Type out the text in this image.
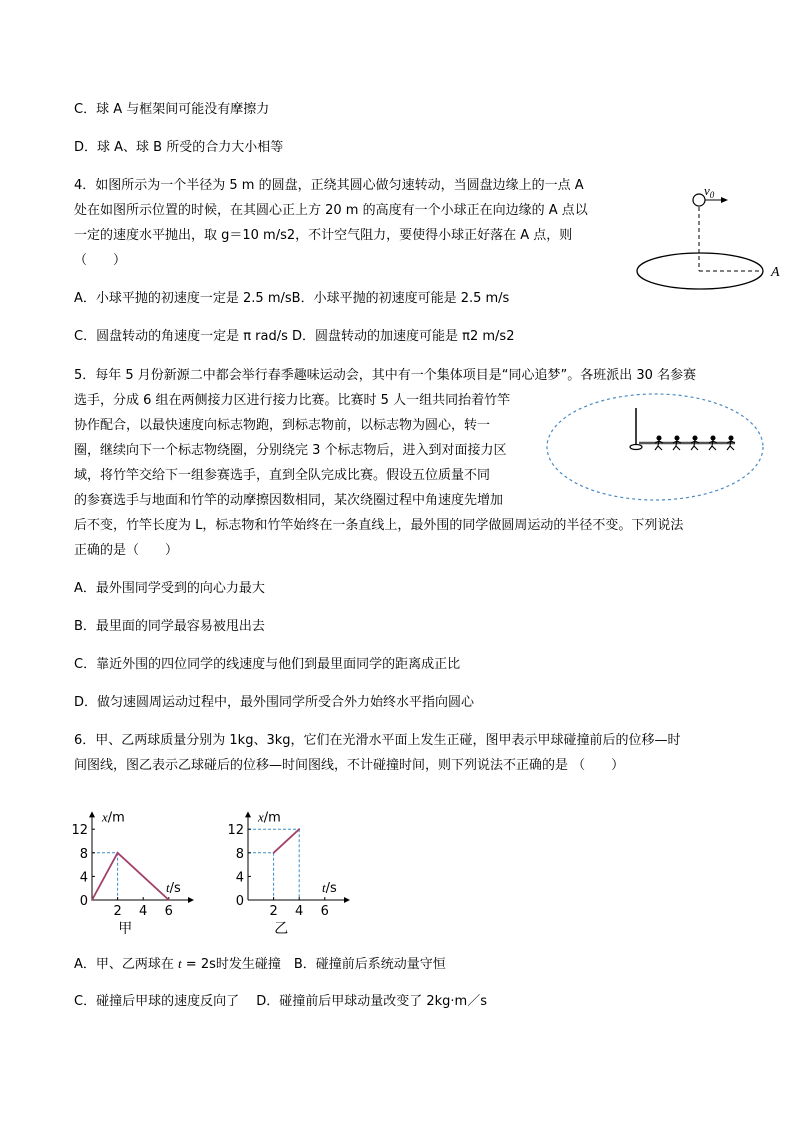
C．球 A 与框架间可能没有摩擦力
D．球 A、球 B 所受的合力大小相等
4．如图所示为一个半径为 5 m 的圆盘，正绕其圆心做匀速转动，当圆盘边缘上的一点 A
处在如图所示位置的时候，在其圆心正上方 20 m 的高度有一个小球正在向边缘的 A 点以
一定的速度水平抛出，取 g＝10 m/s2，不计空气阻力，要使得小球正好落在 A 点，则
（　　）
A．小球平抛的初速度一定是 2.5 m/sB．小球平抛的初速度可能是 2.5 m/s
C．圆盘转动的角速度一定是 π rad/s D．圆盘转动的加速度可能是 π2 m/s2
$v_0$
A
5．每年 5 月份新源二中都会举行春季趣味运动会，其中有一个集体项目是“同心追梦”。各班派出 30 名参赛
选手，分成 6 组在两侧接力区进行接力比赛。比赛时 5 人一组共同抬着竹竿
协作配合，以最快速度向标志物跑，到标志物前，以标志物为圆心，转一
圈，继续向下一个标志物绕圈，分别绕完 3 个标志物后，进入到对面接力区
域，将竹竿交给下一组参赛选手，直到全队完成比赛。假设五位质量不同
的参赛选手与地面和竹竿的动摩擦因数相同，某次绕圈过程中角速度先增加
后不变，竹竿长度为 L，标志物和竹竿始终在一条直线上，最外围的同学做圆周运动的半径不变。下列说法
正确的是（　　）
A．最外围同学受到的向心力最大
B．最里面的同学最容易被甩出去
C．靠近外围的四位同学的线速度与他们到最里面同学的距离成正比
D．做匀速圆周运动过程中，最外围同学所受合外力始终水平指向圆心
6．甲、乙两球质量分别为 1kg、3kg，它们在光滑水平面上发生正碰，图甲表示甲球碰撞前后的位移—时
间图线，图乙表示乙球碰后的位移—时间图线，不计碰撞时间，则下列说法不正确的是 （　　）
2 4 6
4
8
12
0
x/m
t/s
甲
2 4 6
4
8
12
0
x/m
t/s
乙
A．甲、乙两球在 t = 2s时发生碰撞　B．碰撞前后系统动量守恒
C．碰撞后甲球的速度反向了　 D．碰撞前后甲球动量改变了 2kg·m／s
